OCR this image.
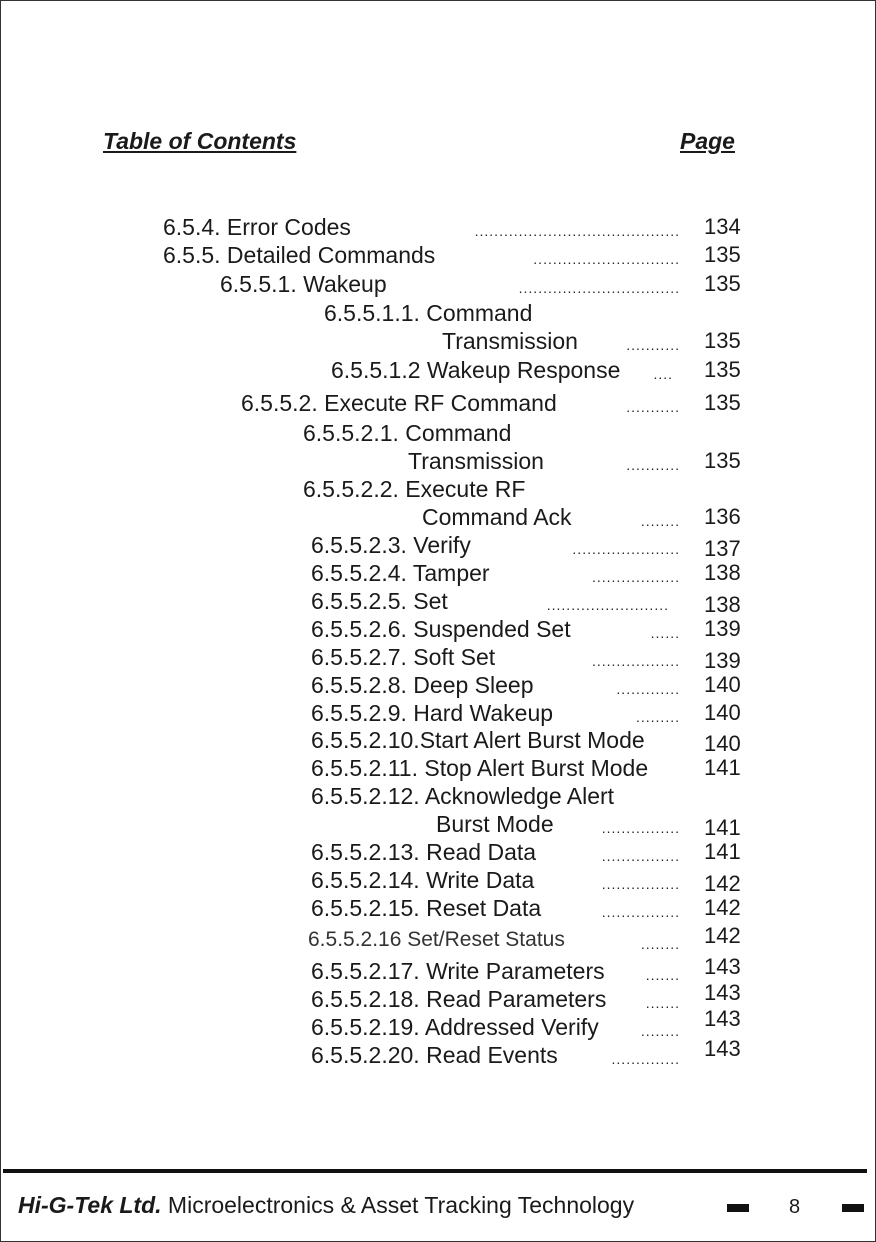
Table of Contents	Page
6.5.4. Error Codes	.......................................... 134
6.5.5. Detailed Commands	.............................. 135
6.5.5.1. Wakeup	................................. 135
6.5.5.1.1. Command
Transmission	........... 135
6.5.5.1.2 Wakeup Response	.... 135
6.5.5.2. Execute RF Command	........... 135
6.5.5.2.1. Command
Transmission	........... 135
6.5.5.2.2. Execute RF
Command Ack	........ 136
6.5.5.2.3. Verify	...................... 137
6.5.5.2.4. Tamper	.................. 138
6.5.5.2.5. Set	......................... 138
6.5.5.2.6. Suspended Set	...... 139
6.5.5.2.7. Soft Set	.................. 139
6.5.5.2.8. Deep Sleep	............. 140
6.5.5.2.9. Hard Wakeup	......... 140
6.5.5.2.10.Start Alert Burst Mode	140
6.5.5.2.11. Stop Alert Burst Mode	141
6.5.5.2.12. Acknowledge Alert
Burst Mode	................ 141
6.5.5.2.13. Read Data	................ 141
6.5.5.2.14. Write Data	................ 142
6.5.5.2.15. Reset Data	................ 142
6.5.5.2.16 Set/Reset Status	........ 142
6.5.5.2.17. Write Parameters	....... 143
6.5.5.2.18. Read Parameters	....... 143
6.5.5.2.19. Addressed Verify	........ 143
6.5.5.2.20. Read Events	.............. 143
Hi-G-Tek Ltd. Microelectronics & Asset Tracking Technology	8
